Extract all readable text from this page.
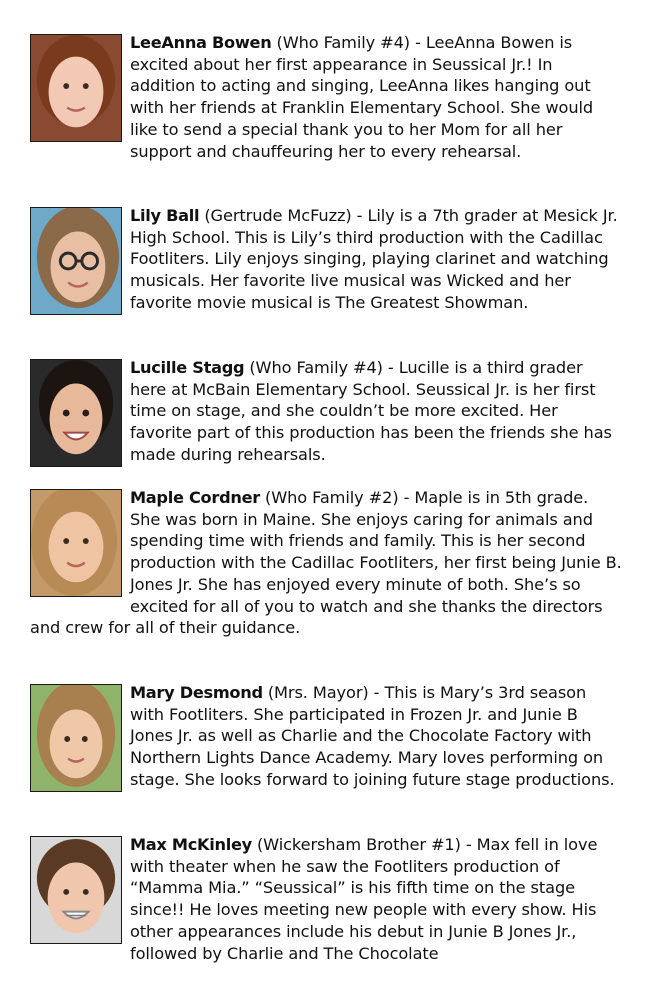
LeeAnna Bowen (Who Family #4) - LeeAnna Bowen is excited about her first appearance in Seussical Jr.! In addition to acting and singing, LeeAnna likes hanging out with her friends at Franklin Elementary School. She would like to send a special thank you to her Mom for all her support and chauffeuring her to every rehearsal.
Lily Ball (Gertrude McFuzz) - Lily is a 7th grader at Mesick Jr. High School. This is Lily’s third production with the Cadillac Footliters. Lily enjoys singing, playing clarinet and watching musicals. Her favorite live musical was Wicked and her favorite movie musical is The Greatest Showman.
Lucille Stagg (Who Family #4) - Lucille is a third grader here at McBain Elementary School. Seussical Jr. is her first time on stage, and she couldn’t be more excited. Her favorite part of this production has been the friends she has made during rehearsals.
Maple Cordner (Who Family #2) - Maple is in 5th grade. She was born in Maine. She enjoys caring for animals and spending time with friends and family. This is her second production with the Cadillac Footliters, her first being Junie B. Jones Jr. She has enjoyed every minute of both. She’s so excited for all of you to watch and she thanks the directors and crew for all of their guidance.
Mary Desmond (Mrs. Mayor) - This is Mary’s 3rd season with Footliters. She participated in Frozen Jr. and Junie B Jones Jr. as well as Charlie and the Chocolate Factory with Northern Lights Dance Academy. Mary loves performing on stage. She looks forward to joining future stage productions.
Max McKinley (Wickersham Brother #1) - Max fell in love with theater when he saw the Footliters production of “Mamma Mia.” “Seussical” is his fifth time on the stage since!! He loves meeting new people with every show. His other appearances include his debut in Junie B Jones Jr., followed by Charlie and The Chocolate
